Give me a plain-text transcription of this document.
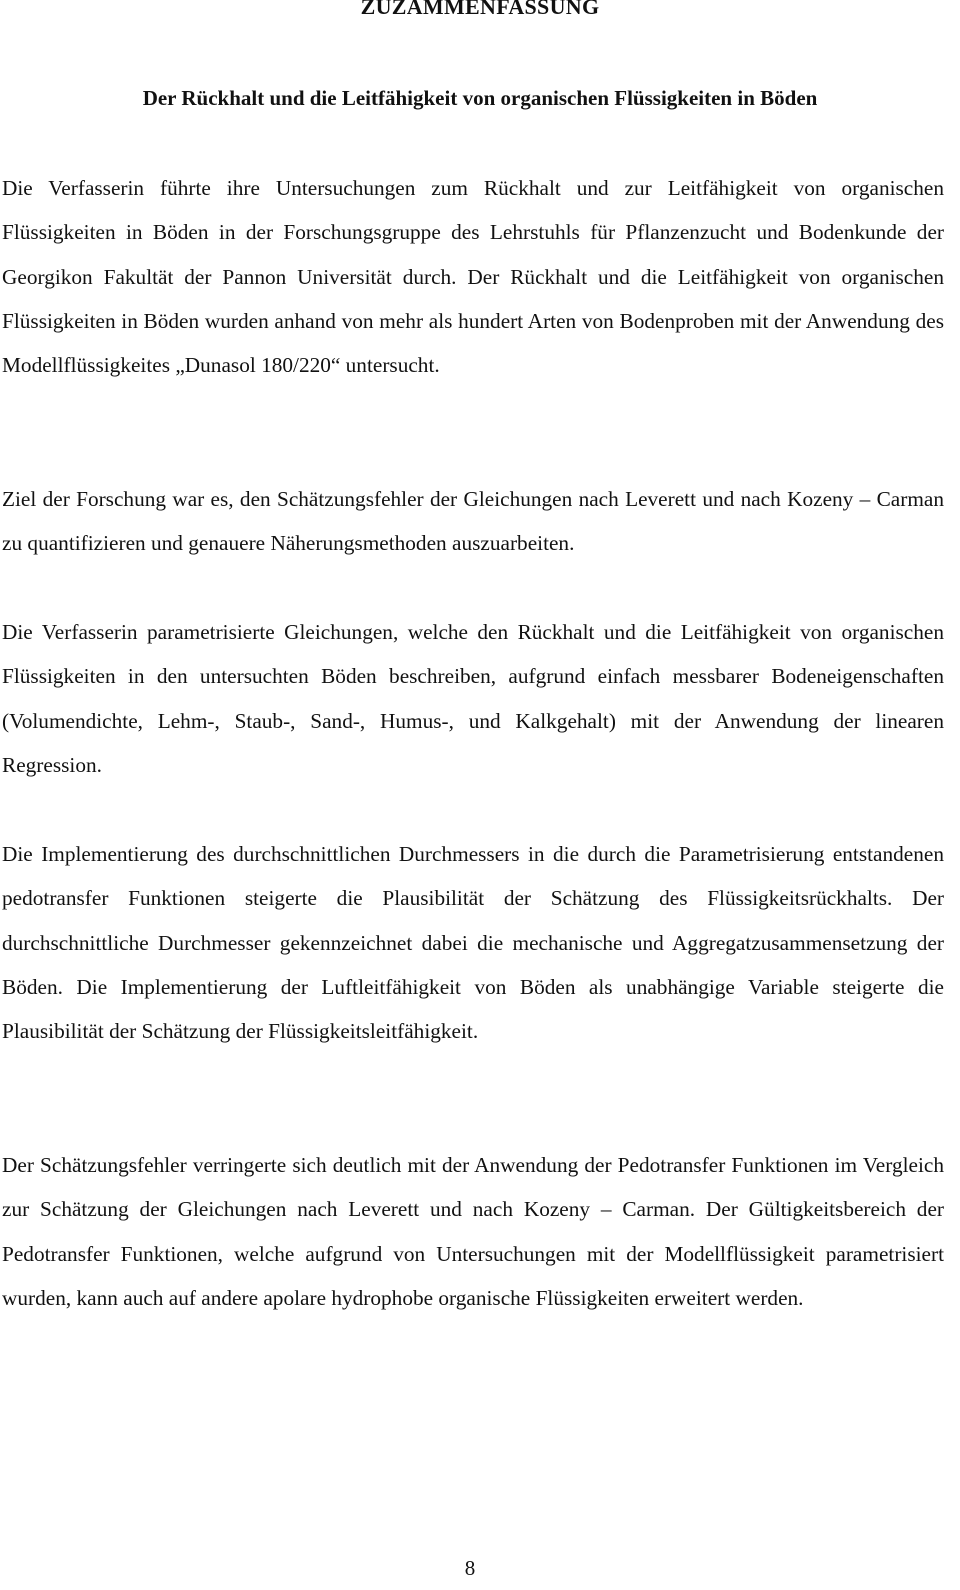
ZUZAMMENFASSUNG
Der Rückhalt und die Leitfähigkeit von organischen Flüssigkeiten in Böden

Die Verfasserin führte ihre Untersuchungen zum Rückhalt und zur Leitfähigkeit von organischen Flüssigkeiten in Böden in der Forschungsgruppe des Lehrstuhls für Pflanzenzucht und Bodenkunde der Georgikon Fakultät der Pannon Universität durch. Der Rückhalt und die Leitfähigkeit von organischen Flüssigkeiten in Böden wurden anhand von mehr als hundert Arten von Bodenproben mit der Anwendung des Modellflüssigkeites „Dunasol 180/220“ untersucht.

Ziel der Forschung war es, den Schätzungsfehler der Gleichungen nach Leverett und nach Kozeny – Carman zu quantifizieren und genauere Näherungsmethoden auszuarbeiten.

Die Verfasserin parametrisierte Gleichungen, welche den Rückhalt und die Leitfähigkeit von organischen Flüssigkeiten in den untersuchten Böden beschreiben, aufgrund einfach messbarer Bodeneigenschaften (Volumendichte, Lehm-, Staub-, Sand-, Humus-, und Kalkgehalt) mit der Anwendung der linearen Regression.

Die Implementierung des durchschnittlichen Durchmessers in die durch die Parametrisierung entstandenen pedotransfer Funktionen steigerte die Plausibilität der Schätzung des Flüssigkeitsrückhalts. Der durchschnittliche Durchmesser gekennzeichnet dabei die mechanische und Aggregatzusammensetzung der Böden. Die Implementierung der Luftleitfähigkeit von Böden als unabhängige Variable steigerte die Plausibilität der Schätzung der Flüssigkeitsleitfähigkeit.

Der Schätzungsfehler verringerte sich deutlich mit der Anwendung der Pedotransfer Funktionen im Vergleich zur Schätzung der Gleichungen nach Leverett und nach Kozeny – Carman. Der Gültigkeitsbereich der Pedotransfer Funktionen, welche aufgrund von Untersuchungen mit der Modellflüssigkeit parametrisiert wurden, kann auch auf andere apolare hydrophobe organische Flüssigkeiten erweitert werden.

8
